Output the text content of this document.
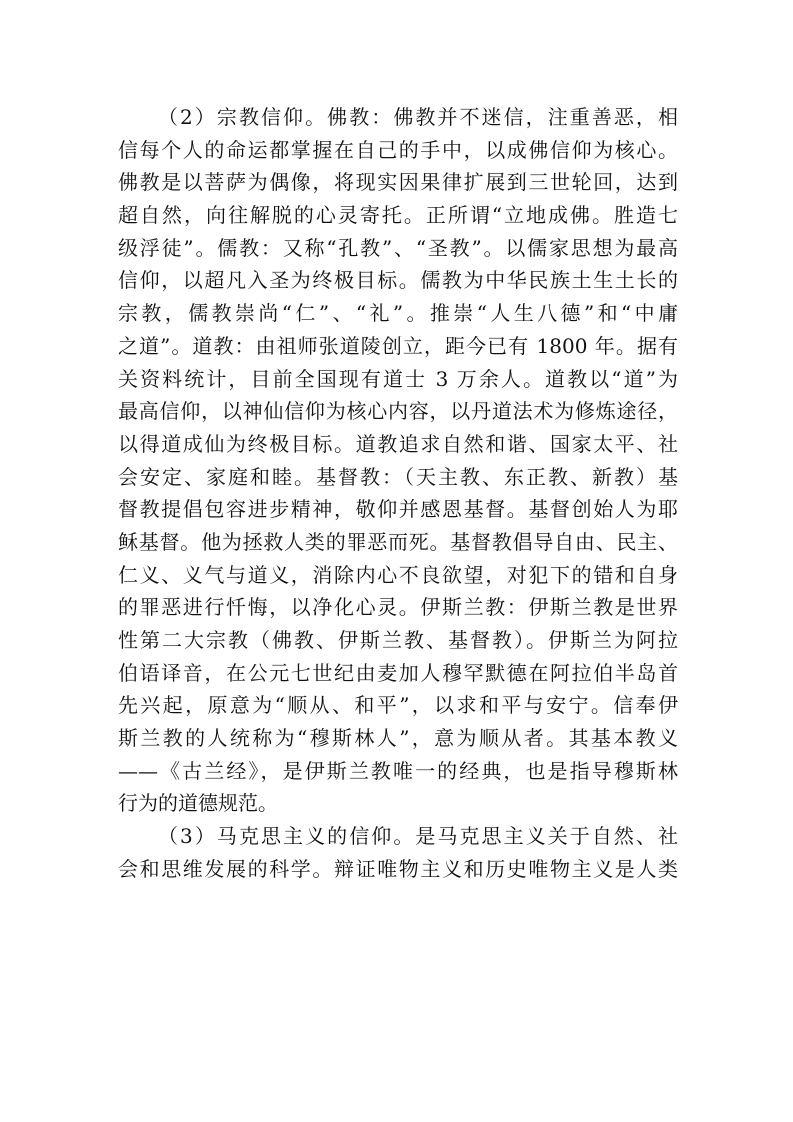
（2）宗教信仰。佛教：佛教并不迷信，注重善恶，相
信每个人的命运都掌握在自己的手中，以成佛信仰为核心。
佛教是以菩萨为偶像，将现实因果律扩展到三世轮回，达到
超自然，向往解脱的心灵寄托。正所谓“立地成佛。胜造七
级浮徒”。儒教：又称“孔教”、“圣教”。以儒家思想为最高
信仰，以超凡入圣为终极目标。儒教为中华民族土生土长的
宗教，儒教崇尚“仁”、“礼”。推崇“人生八德”和“中庸
之道”。道教：由祖师张道陵创立，距今已有 1800 年。据有
关资料统计，目前全国现有道士 3 万余人。道教以“道”为
最高信仰，以神仙信仰为核心内容，以丹道法术为修炼途径，
以得道成仙为终极目标。道教追求自然和谐、国家太平、社
会安定、家庭和睦。基督教：（天主教、东正教、新教）基
督教提倡包容进步精神，敬仰并感恩基督。基督创始人为耶
稣基督。他为拯救人类的罪恶而死。基督教倡导自由、民主、
仁义、义气与道义，消除内心不良欲望，对犯下的错和自身
的罪恶进行忏悔，以净化心灵。伊斯兰教：伊斯兰教是世界
性第二大宗教（佛教、伊斯兰教、基督教）。伊斯兰为阿拉
伯语译音，在公元七世纪由麦加人穆罕默德在阿拉伯半岛首
先兴起，原意为“顺从、和平”，以求和平与安宁。信奉伊
斯兰教的人统称为“穆斯林人”，意为顺从者。其基本教义
——《古兰经》，是伊斯兰教唯一的经典，也是指导穆斯林
行为的道德规范。
（3）马克思主义的信仰。是马克思主义关于自然、社
会和思维发展的科学。辩证唯物主义和历史唯物主义是人类
